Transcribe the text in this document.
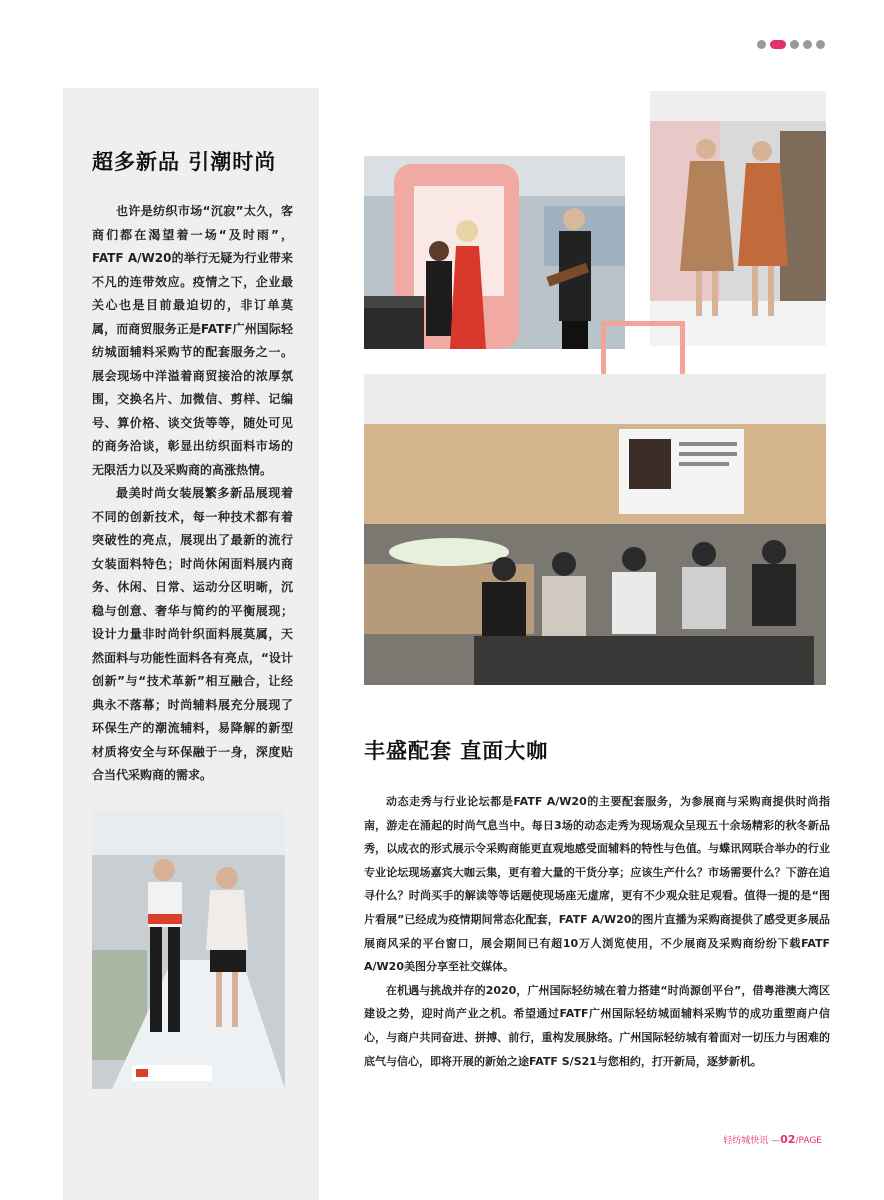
超多新品 引潮时尚

也许是纺织市场“沉寂”太久，客商们都在渴望着一场“及时雨”，FATF A/W20的举行无疑为行业带来不凡的连带效应。疫情之下，企业最关心也是目前最迫切的，非订单莫属，而商贸服务正是FATF广州国际轻纺城面辅料采购节的配套服务之一。展会现场中洋溢着商贸接洽的浓厚氛围，交换名片、加微信、剪样、记编号、算价格、谈交货等等，随处可见的商务洽谈，彰显出纺织面料市场的无限活力以及采购商的高涨热情。

最美时尚女装展繁多新品展现着不同的创新技术，每一种技术都有着突破性的亮点，展现出了最新的流行女装面料特色；时尚休闲面料展内商务、休闲、日常、运动分区明晰，沉稳与创意、奢华与简约的平衡展现；设计力量非时尚针织面料展莫属，天然面料与功能性面料各有亮点，“设计创新”与“技术革新”相互融合，让经典永不落幕；时尚辅料展充分展现了环保生产的潮流辅料，易降解的新型材质将安全与环保融于一身，深度贴合当代采购商的需求。

丰盛配套 直面大咖

动态走秀与行业论坛都是FATF A/W20的主要配套服务，为参展商与采购商提供时尚指南，游走在涌起的时尚气息当中。每日3场的动态走秀为现场观众呈现五十余场精彩的秋冬新品秀，以成衣的形式展示令采购商能更直观地感受面辅料的特性与色值。与蝶讯网联合举办的行业专业论坛现场嘉宾大咖云集，更有着大量的干货分享；应该生产什么？市场需要什么？下游在追寻什么？时尚买手的解读等等话题使现场座无虚席，更有不少观众驻足观看。值得一提的是“图片看展”已经成为疫情期间常态化配套，FATF A/W20的图片直播为采购商提供了感受更多展品展商风采的平台窗口，展会期间已有超10万人浏览使用，不少展商及采购商纷纷下载FATF A/W20美图分享至社交媒体。

在机遇与挑战并存的2020，广州国际轻纺城在着力搭建“时尚源创平台”，借粤港澳大湾区建设之势，迎时尚产业之机。希望通过FATF广州国际轻纺城面辅料采购节的成功重塑商户信心，与商户共同奋进、拼搏、前行，重构发展脉络。广州国际轻纺城有着面对一切压力与困难的底气与信心，即将开展的新始之途FATF S/S21与您相约，打开新局，逐梦新机。

轻纺城快讯 —02/PAGE
